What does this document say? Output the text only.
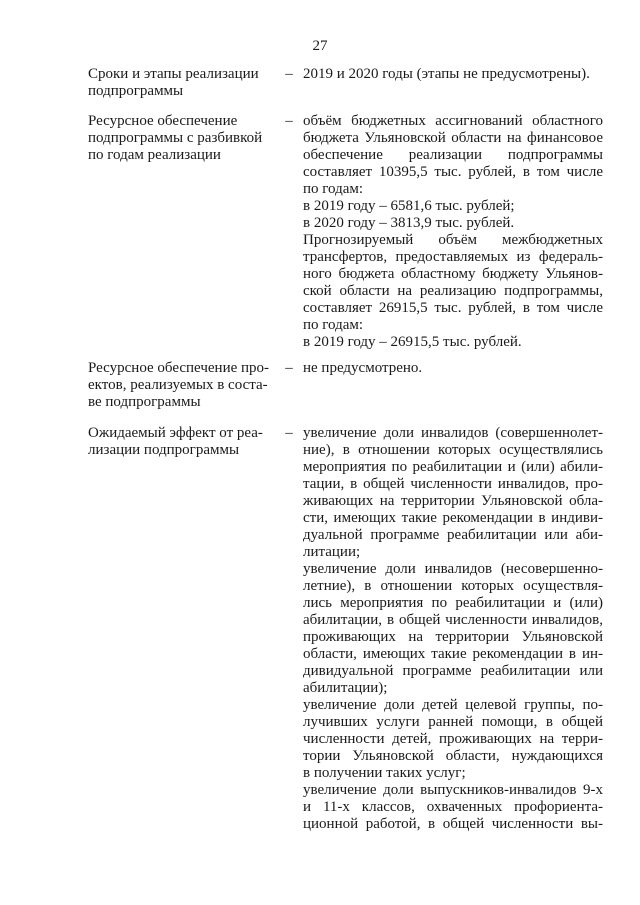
27
Сроки и этапы реализации
подпрограммы
– 2019 и 2020 годы (этапы не предусмотрены).
Ресурсное обеспечение
подпрограммы с разбивкой
по годам реализации
– объём бюджетных ассигнований областного
бюджета Ульяновской области на финансовое
обеспечение реализации подпрограммы
составляет 10395,5 тыс. рублей, в том числе
по годам:
в 2019 году – 6581,6 тыс. рублей;
в 2020 году – 3813,9 тыс. рублей.
Прогнозируемый объём межбюджетных
трансфертов, предоставляемых из федераль-
ного бюджета областному бюджету Ульянов-
ской области на реализацию подпрограммы,
составляет 26915,5 тыс. рублей, в том числе
по годам:
в 2019 году – 26915,5 тыс. рублей.
Ресурсное обеспечение про-
ектов, реализуемых в соста-
ве подпрограммы
– не предусмотрено.
Ожидаемый эффект от реа-
лизации подпрограммы
– увеличение доли инвалидов (совершеннолет-
ние), в отношении которых осуществлялись
мероприятия по реабилитации и (или) абили-
тации, в общей численности инвалидов, про-
живающих на территории Ульяновской обла-
сти, имеющих такие рекомендации в индиви-
дуальной программе реабилитации или аби-
литации;
увеличение доли инвалидов (несовершенно-
летние), в отношении которых осуществля-
лись мероприятия по реабилитации и (или)
абилитации, в общей численности инвалидов,
проживающих на территории Ульяновской
области, имеющих такие рекомендации в ин-
дивидуальной программе реабилитации или
абилитации);
увеличение доли детей целевой группы, по-
лучивших услуги ранней помощи, в общей
численности детей, проживающих на терри-
тории Ульяновской области, нуждающихся
в получении таких услуг;
увеличение доли выпускников-инвалидов 9-х
и 11-х классов, охваченных профориента-
ционной работой, в общей численности вы-
